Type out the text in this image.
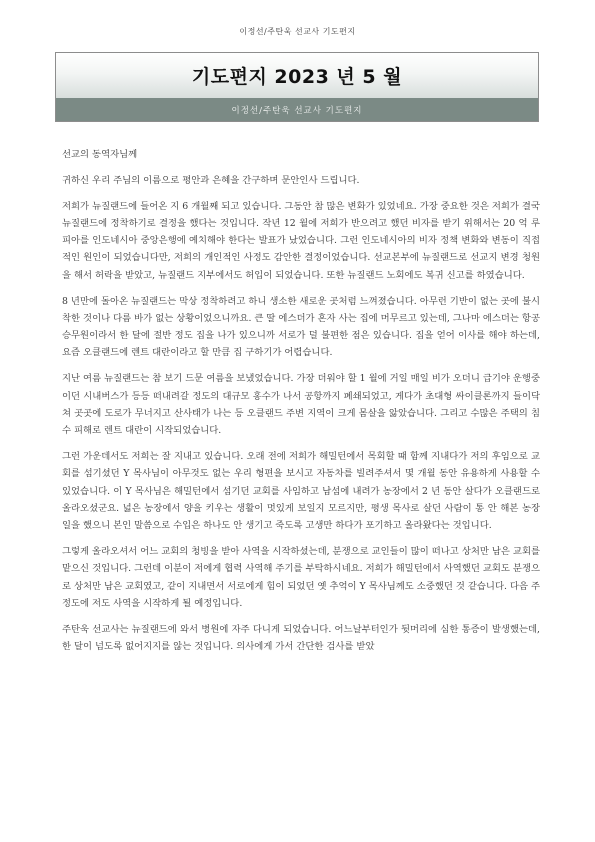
이정선/주탄욱 선교사 기도편지
기도편지 2023 년 5 월
이정선/주탄욱 선교사 기도편지

선교의 동역자님께

귀하신 우리 주님의 이름으로 평안과 은혜을 간구하며 문안인사 드립니다.

저희가 뉴질랜드에 들어온 지 6 개월째 되고 있습니다. 그동안 참 많은 변화가 있었네요. 가장 중요한 것은 저희가 결국 뉴질랜드에 정착하기로 결정을 했다는 것입니다. 작년 12 월에 저희가 반으려고 했던 비자를 받기 위해서는 20 억 루피아를 인도네시아 중앙은행에 예치해야 한다는 발표가 났었습니다. 그런 인도네시아의 비자 정책 변화와 변동이 직접적인 원인이 되었습니다만, 저희의 개인적인 사정도 감안한 결정이었습니다. 선교본부에 뉴질랜드로 선교지 변경 청원을 해서 허락을 받았고, 뉴질랜드 지부에서도 허입이 되었습니다. 또한 뉴질랜드 노회에도 복귀 신고를 하였습니다.

8 년만에 돌아온 뉴질랜드는 막상 정착하려고 하니 생소한 새로운 곳처럼 느껴졌습니다. 아무런 기반이 없는 곳에 불시착한 것이나 다름 바가 없는 상황이었으니까요. 큰 딸 에스더가 혼자 사는 집에 머무르고 있는데, 그나마 에스더는 항공 승무원이라서 한 달에 절반 정도 집을 나가 있으니까 서로가 덜 불편한 점은 있습니다. 집을 얻어 이사를 해야 하는데, 요즘 오클랜드에 렌트 대란이라고 할 만큼 집 구하기가 어렵습니다.

지난 여름 뉴질랜드는 참 보기 드문 여름을 보냈었습니다. 가장 더워야 할 1 월에 거일 매일 비가 오더니 급기야 운행중이던 시내버스가 등등 떠내려갈 정도의 대규모 홍수가 나서 공항까지 폐쇄되었고, 게다가 초대형 싸이클론까지 들이닥쳐 곳곳에 도로가 무너지고 산사태가 나는 등 오클랜드 주변 지역이 크게 몸살을 앓았습니다. 그리고 수많은 주택의 침수 피해로 렌트 대란이 시작되었습니다.

그런 가운데서도 저희는 잘 지내고 있습니다. 오래 전에 저희가 해밀턴에서 목회할 때 함께 지내다가 저의 후임으로 교회를 섬기셨던 Y 목사님이 아무것도 없는 우리 형편을 보시고 자동차를 빌려주셔서 몇 개월 동안 유용하게 사용할 수 있었습니다. 이 Y 목사님은 해밀턴에서 섬기던 교회를 사임하고 남섬에 내려가 농장에서 2 년 동안 살다가 오클랜드로 올라오셨군요. 넓은 농장에서 양을 키우는 생활이 멋있게 보일지 모르지만, 평생 목사로 살던 사람이 통 안 해본 농장 일을 했으니 본인 말씀으로 수입은 하나도 안 생기고 죽도록 고생만 하다가 포기하고 올라왔다는 것입니다.

그렇게 올라오셔서 어느 교회의 청빙을 받아 사역을 시작하셨는데, 분쟁으로 교인들이 많이 떠나고 상처만 남은 교회를 맡으신 것입니다. 그런데 이분이 저에게 협력 사역해 주기를 부탁하시네요. 저희가 해밀턴에서 사역했던 교회도 분쟁으로 상처만 남은 교회였고, 같이 지내면서 서로에게 힘이 되었던 옛 추억이 Y 목사님께도 소중했던 것 같습니다. 다음 주 정도에 저도 사역을 시작하게 될 예정입니다.

주탄욱 선교사는 뉴질랜드에 와서 병원에 자주 다니게 되었습니다. 어느날부터인가 뒷머리에 심한 통증이 발생했는데, 한 달이 넘도록 없어지지를 않는 것입니다. 의사에게 가서 간단한 검사를 받았
